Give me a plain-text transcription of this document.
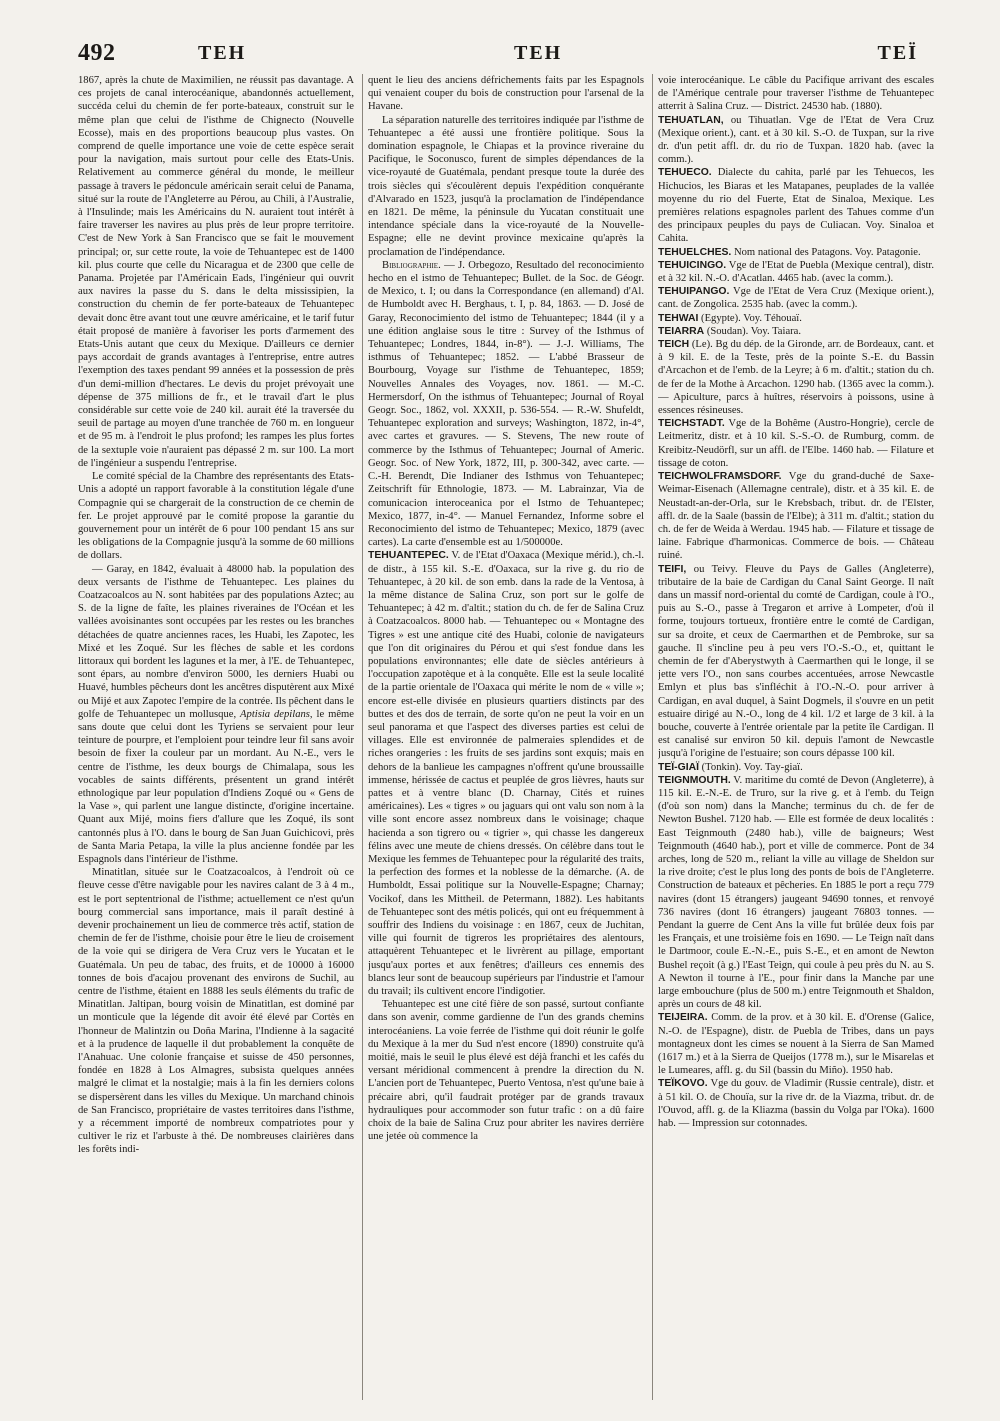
492	TEH	TEH	TEÏ

1867, après la chute de Maximilien, ne réussit pas davantage. A ces projets de canal interocéanique, abandonnés actuellement, succéda celui du chemin de fer porte-bateaux, construit sur le même plan que celui de l'isthme de Chignecto (Nouvelle Ecosse), mais en des proportions beaucoup plus vastes. On comprend de quelle importance une voie de cette espèce serait pour la navigation, mais surtout pour celle des Etats-Unis. Relativement au commerce général du monde, le meilleur passage à travers le pédoncule américain serait celui de Panama, situé sur la route de l'Angleterre au Pérou, au Chili, à l'Australie, à l'Insulinde; mais les Américains du N. auraient tout intérêt à faire traverser les navires au plus près de leur propre territoire. C'est de New York à San Francisco que se fait le mouvement principal; or, sur cette route, la voie de Tehuantepec est de 1400 kil. plus courte que celle du Nicaragua et de 2300 que celle de Panama. Projetée par l'Américain Eads, l'ingénieur qui ouvrit aux navires la passe du S. dans le delta mississipien, la construction du chemin de fer porte-bateaux de Tehuantepec devait donc être avant tout une œuvre américaine, et le tarif futur était proposé de manière à favoriser les ports d'armement des Etats-Unis autant que ceux du Mexique. D'ailleurs ce dernier pays accordait de grands avantages à l'entreprise, entre autres l'exemption des taxes pendant 99 années et la possession de près d'un demi-million d'hectares. Le devis du projet prévoyait une dépense de 375 millions de fr., et le travail d'art le plus considérable sur cette voie de 240 kil. aurait été la traversée du seuil de partage au moyen d'une tranchée de 760 m. en longueur et de 95 m. à l'endroit le plus profond; les rampes les plus fortes de la sextuple voie n'auraient pas dépassé 2 m. sur 100. La mort de l'ingénieur a suspendu l'entreprise.

Le comité spécial de la Chambre des représentants des Etats-Unis a adopté un rapport favorable à la constitution légale d'une Compagnie qui se chargerait de la construction de ce chemin de fer. Le projet approuvé par le comité propose la garantie du gouvernement pour un intérêt de 6 pour 100 pendant 15 ans sur les obligations de la Compagnie jusqu'à la somme de 60 millions de dollars.

— Garay, en 1842, évaluait à 48000 hab. la population des deux versants de l'isthme de Tehuantepec. Les plaines du Coatzacoalcos au N. sont habitées par des populations Aztec; au S. de la ligne de faîte, les plaines riveraines de l'Océan et les vallées avoisinantes sont occupées par les restes ou les branches détachées de quatre anciennes races, les Huabi, les Zapotec, les Mixé et les Zoqué. Sur les flèches de sable et les cordons littoraux qui bordent les lagunes et la mer, à l'E. de Tehuantepec, sont épars, au nombre d'environ 5000, les derniers Huabi ou Huavé, humbles pêcheurs dont les ancêtres disputèrent aux Mixé ou Mijé et aux Zapotec l'empire de la contrée. Ils pêchent dans le golfe de Tehuantepec un mollusque, Aptisia depilans, le même sans doute que celui dont les Tyriens se servaient pour leur teinture de pourpre, et l'emploient pour teindre leur fil sans avoir besoin de fixer la couleur par un mordant. Au N.-E., vers le centre de l'isthme, les deux bourgs de Chimalapa, sous les vocables de saints différents, présentent un grand intérêt ethnologique par leur population d'Indiens Zoqué ou « Gens de la Vase », qui parlent une langue distincte, d'origine incertaine. Quant aux Mijé, moins fiers d'allure que les Zoqué, ils sont cantonnés plus à l'O. dans le bourg de San Juan Guichicovi, près de Santa Maria Petapa, la ville la plus ancienne fondée par les Espagnols dans l'intérieur de l'isthme.

Minatitlan, située sur le Coatzacoalcos, à l'endroit où ce fleuve cesse d'être navigable pour les navires calant de 3 à 4 m., est le port septentrional de l'isthme; actuellement ce n'est qu'un bourg commercial sans importance, mais il paraît destiné à devenir prochainement un lieu de commerce très actif, station de chemin de fer de l'isthme, choisie pour être le lieu de croisement de la voie qui se dirigera de Vera Cruz vers le Yucatan et le Guatémala. Un peu de tabac, des fruits, et de 10000 à 16000 tonnes de bois d'acajou provenant des environs de Suchil, au centre de l'isthme, étaient en 1888 les seuls éléments du trafic de Minatitlan. Jaltipan, bourg voisin de Minatitlan, est dominé par un monticule que la légende dit avoir été élevé par Cortès en l'honneur de Malintzin ou Doña Marina, l'Indienne à la sagacité et à la prudence de laquelle il dut probablement la conquête de l'Anahuac. Une colonie française et suisse de 450 personnes, fondée en 1828 à Los Almagres, subsista quelques années malgré le climat et la nostalgie; mais à la fin les derniers colons se dispersèrent dans les villes du Mexique. Un marchand chinois de San Francisco, propriétaire de vastes territoires dans l'isthme, y a récemment importé de nombreux compatriotes pour y cultiver le riz et l'arbuste à thé. De nombreuses clairières dans les forêts indi-

quent le lieu des anciens défrichements faits par les Espagnols qui venaient couper du bois de construction pour l'arsenal de la Havane.

La séparation naturelle des territoires indiquée par l'isthme de Tehuantepec a été aussi une frontière politique. Sous la domination espagnole, le Chiapas et la province riveraine du Pacifique, le Soconusco, furent de simples dépendances de la vice-royauté de Guatémala, pendant presque toute la durée des trois siècles qui s'écoulèrent depuis l'expédition conquérante d'Alvarado en 1523, jusqu'à la proclamation de l'indépendance en 1821. De même, la péninsule du Yucatan constituait une intendance spéciale dans la vice-royauté de la Nouvelle-Espagne; elle ne devint province mexicaine qu'après la proclamation de l'indépendance.

Bibliographie. — J. Orbegozo, Resultado del reconocimiento hecho en el istmo de Tehuantepec; Bullet. de la Soc. de Géogr. de Mexico, t. I; ou dans la Correspondance (en allemand) d'Al. de Humboldt avec H. Berghaus, t. I, p. 84, 1863. — D. José de Garay, Reconocimiento del istmo de Tehuantepec; 1844 (il y a une édition anglaise sous le titre : Survey of the Isthmus of Tehuantepec; Londres, 1844, in-8°). — J.-J. Williams, The isthmus of Tehuantepec; 1852. — L'abbé Brasseur de Bourbourg, Voyage sur l'isthme de Tehuantepec, 1859; Nouvelles Annales des Voyages, nov. 1861. — M.-C. Hermersdorf, On the isthmus of Tehuantepec; Journal of Royal Geogr. Soc., 1862, vol. XXXII, p. 536-554. — R.-W. Shufeldt, Tehuantepec exploration and surveys; Washington, 1872, in-4°, avec cartes et gravures. — S. Stevens, The new route of commerce by the Isthmus of Tehuantepec; Journal of Americ. Geogr. Soc. of New York, 1872, III, p. 300-342, avec carte. — C.-H. Berendt, Die Indianer des Isthmus von Tehuantepec; Zeitschrift für Ethnologie, 1873. — M. Labrainzar, Via de comunicacion interoceanica por el Istmo de Tehuantepec; Mexico, 1877, in-4°. — Manuel Fernandez, Informe sobre el Reconocimiento del istmo de Tehuantepec; Mexico, 1879 (avec cartes). La carte d'ensemble est au 1/500000e.

TEHUANTEPEC. V. de l'Etat d'Oaxaca (Mexique mérid.), ch.-l. de distr., à 155 kil. S.-E. d'Oaxaca, sur la rive g. du rio de Tehuantepec, à 20 kil. de son emb. dans la rade de la Ventosa, à la même distance de Salina Cruz, son port sur le golfe de Tehuantepec; à 42 m. d'altit.; station du ch. de fer de Salina Cruz à Coatzacoalcos. 8000 hab. — Tehuantepec ou « Montagne des Tigres » est une antique cité des Huabi, colonie de navigateurs que l'on dit originaires du Pérou et qui s'est fondue dans les populations environnantes; elle date de siècles antérieurs à l'occupation zapotèque et à la conquête. Elle est la seule localité de la partie orientale de l'Oaxaca qui mérite le nom de « ville »; encore est-elle divisée en plusieurs quartiers distincts par des buttes et des dos de terrain, de sorte qu'on ne peut la voir en un seul panorama et que l'aspect des diverses parties est celui de villages. Elle est environnée de palmeraies splendides et de riches orangeries : les fruits de ses jardins sont exquis; mais en dehors de la banlieue les campagnes n'offrent qu'une broussaille immense, hérissée de cactus et peuplée de gros lièvres, hauts sur pattes et à ventre blanc (D. Charnay, Cités et ruines américaines). Les « tigres » ou jaguars qui ont valu son nom à la ville sont encore assez nombreux dans le voisinage; chaque hacienda a son tigrero ou « tigrier », qui chasse les dangereux félins avec une meute de chiens dressés. On célèbre dans tout le Mexique les femmes de Tehuantepec pour la régularité des traits, la perfection des formes et la noblesse de la démarche. (A. de Humboldt, Essai politique sur la Nouvelle-Espagne; Charnay; Vocikof, dans les Mittheil. de Petermann, 1882). Les habitants de Tehuantepec sont des métis policés, qui ont eu fréquemment à souffrir des Indiens du voisinage : en 1867, ceux de Juchitan, ville qui fournit de tigreros les propriétaires des alentours, attaquèrent Tehuantepec et le livrèrent au pillage, emportant jusqu'aux portes et aux fenêtres; d'ailleurs ces ennemis des blancs leur sont de beaucoup supérieurs par l'industrie et l'amour du travail; ils cultivent encore l'indigotier.

Tehuantepec est une cité fière de son passé, surtout confiante dans son avenir, comme gardienne de l'un des grands chemins interocéaniens. La voie ferrée de l'isthme qui doit réunir le golfe du Mexique à la mer du Sud n'est encore (1890) construite qu'à moitié, mais le seuil le plus élevé est déjà franchi et les cafés du versant méridional commencent à prendre la direction du N. L'ancien port de Tehuantepec, Puerto Ventosa, n'est qu'une baie à précaire abri, qu'il faudrait protéger par de grands travaux hydrauliques pour accommoder son futur trafic : on a dû faire choix de la baie de Salina Cruz pour abriter les navires derrière une jetée où commence la

voie interocéanique. Le câble du Pacifique arrivant des escales de l'Amérique centrale pour traverser l'isthme de Tehuantepec atterrit à Salina Cruz. — District. 24530 hab. (1880).

TEHUATLAN, ou Tihuatlan. Vge de l'Etat de Vera Cruz (Mexique orient.), cant. et à 30 kil. S.-O. de Tuxpan, sur la rive dr. d'un petit affl. dr. du rio de Tuxpan. 1820 hab. (avec la comm.).

TEHUECO. Dialecte du cahita, parlé par les Tehuecos, les Hichucios, les Biaras et les Matapanes, peuplades de la vallée moyenne du rio del Fuerte, Etat de Sinaloa, Mexique. Les premières relations espagnoles parlent des Tahues comme d'un des principaux peuples du pays de Culiacan. Voy. Sinaloa et Cahita.

TEHUELCHES. Nom national des Patagons. Voy. Patagonie.

TEHUICINGO. Vge de l'Etat de Puebla (Mexique central), distr. et à 32 kil. N.-O. d'Acatlan. 4465 hab. (avec la comm.).

TEHUIPANGO. Vge de l'Etat de Vera Cruz (Mexique orient.), cant. de Zongolica. 2535 hab. (avec la comm.).

TEHWAI (Egypte). Voy. Téhouaï.

TEIARRA (Soudan). Voy. Taiara.

TEICH (Le). Bg du dép. de la Gironde, arr. de Bordeaux, cant. et à 9 kil. E. de la Teste, près de la pointe S.-E. du Bassin d'Arcachon et de l'emb. de la Leyre; à 6 m. d'altit.; station du ch. de fer de la Mothe à Arcachon. 1290 hab. (1365 avec la comm.). — Apiculture, parcs à huîtres, réservoirs à poissons, usine à essences résineuses.

TEICHSTADT. Vge de la Bohême (Austro-Hongrie), cercle de Leitmeritz, distr. et à 10 kil. S.-S.-O. de Rumburg, comm. de Kreibitz-Neudörfl, sur un affl. de l'Elbe. 1460 hab. — Filature et tissage de coton.

TEICHWOLFRAMSDORF. Vge du grand-duché de Saxe-Weimar-Eisenach (Allemagne centrale), distr. et à 35 kil. E. de Neustadt-an-der-Orla, sur le Krebsbach, tribut. dr. de l'Elster, affl. dr. de la Saale (bassin de l'Elbe); à 311 m. d'altit.; station du ch. de fer de Weida à Werdau. 1945 hab. — Filature et tissage de laine. Fabrique d'harmonicas. Commerce de bois. — Château ruiné.

TEIFI, ou Teivy. Fleuve du Pays de Galles (Angleterre), tributaire de la baie de Cardigan du Canal Saint George. Il naît dans un massif nord-oriental du comté de Cardigan, coule à l'O., puis au S.-O., passe à Tregaron et arrive à Lompeter, d'où il forme, toujours tortueux, frontière entre le comté de Cardigan, sur sa droite, et ceux de Caermarthen et de Pembroke, sur sa gauche. Il s'incline peu à peu vers l'O.-S.-O., et, quittant le chemin de fer d'Aberystwyth à Caermarthen qui le longe, il se jette vers l'O., non sans courbes accentuées, arrose Newcastle Emlyn et plus bas s'infléchit à l'O.-N.-O. pour arriver à Cardigan, en aval duquel, à Saint Dogmels, il s'ouvre en un petit estuaire dirigé au N.-O., long de 4 kil. 1/2 et large de 3 kil. à la bouche, couverte à l'entrée orientale par la petite île Cardigan. Il est canalisé sur environ 50 kil. depuis l'amont de Newcastle jusqu'à l'origine de l'estuaire; son cours dépasse 100 kil.

TEÏ-GIAÏ (Tonkin). Voy. Tay-giaï.

TEIGNMOUTH. V. maritime du comté de Devon (Angleterre), à 115 kil. E.-N.-E. de Truro, sur la rive g. et à l'emb. du Teign (d'où son nom) dans la Manche; terminus du ch. de fer de Newton Bushel. 7120 hab. — Elle est formée de deux localités : East Teignmouth (2480 hab.), ville de baigneurs; West Teignmouth (4640 hab.), port et ville de commerce. Pont de 34 arches, long de 520 m., reliant la ville au village de Sheldon sur la rive droite; c'est le plus long des ponts de bois de l'Angleterre. Construction de bateaux et pêcheries. En 1885 le port a reçu 779 navires (dont 15 étrangers) jaugeant 94690 tonnes, et renvoyé 736 navires (dont 16 étrangers) jaugeant 76803 tonnes. — Pendant la guerre de Cent Ans la ville fut brûlée deux fois par les Français, et une troisième fois en 1690. — Le Teign naît dans le Dartmoor, coule E.-N.-E., puis S.-E., et en amont de Newton Bushel reçoit (à g.) l'East Teign, qui coule à peu près du N. au S. A Newton il tourne à l'E., pour finir dans la Manche par une large embouchure (plus de 500 m.) entre Teignmouth et Shaldon, après un cours de 48 kil.

TEIJEIRA. Comm. de la prov. et à 30 kil. E. d'Orense (Galice, N.-O. de l'Espagne), distr. de Puebla de Tribes, dans un pays montagneux dont les cimes se nouent à la Sierra de San Mamed (1617 m.) et à la Sierra de Queijos (1778 m.), sur le Misarelas et le Lumeares, affl. g. du Sil (bassin du Miño). 1950 hab.

TEÏKOVO. Vge du gouv. de Vladimir (Russie centrale), distr. et à 51 kil. O. de Chouïa, sur la rive dr. de la Viazma, tribut. dr. de l'Ouvod, affl. g. de la Kliazma (bassin du Volga par l'Oka). 1600 hab. — Impression sur cotonnades.
